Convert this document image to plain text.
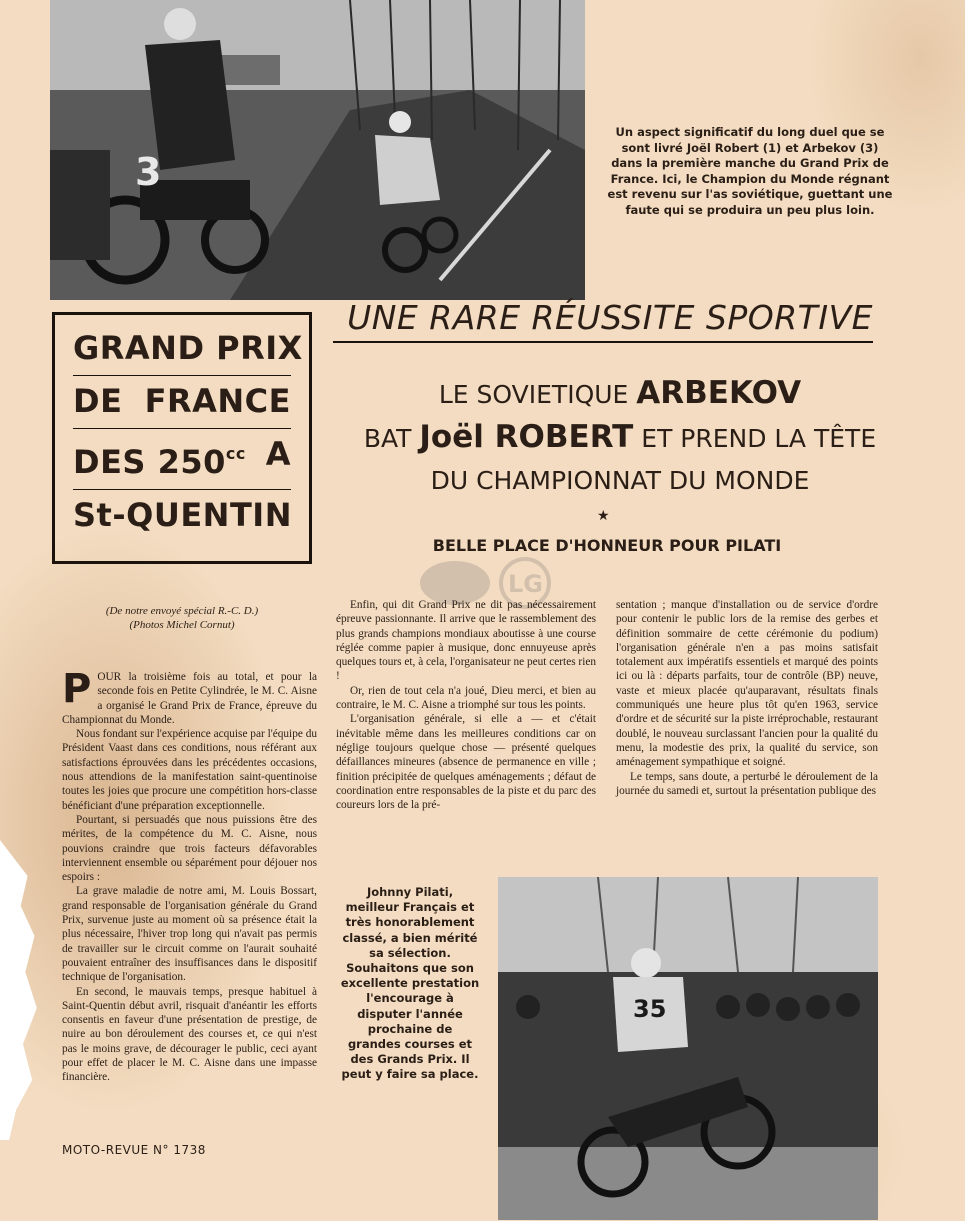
3
Un aspect significatif du long duel que se sont livré Joël Robert (1) et Arbekov (3) dans la première manche du Grand Prix de France. Ici, le Champion du Monde régnant est revenu sur l'as soviétique, guettant une faute qui se produira un peu plus loin.
GRAND PRIX
DE FRANCE
DES $250^{cc}$ A
St-QUENTIN
UNE RARE RÉUSSITE SPORTIVE
LE SOVIETIQUE ARBEKOV
BAT Joël ROBERT ET PREND LA TÊTE
DU CHAMPIONNAT DU MONDE
★
BELLE PLACE D'HONNEUR POUR PILATI
LG
(De notre envoyé spécial R.-C. D.)
(Photos Michel Cornut)

POUR la troisième fois au total, et pour la seconde fois en Petite Cylindrée, le M. C. Aisne a organisé le Grand Prix de France, épreuve du Championnat du Monde.

Nous fondant sur l'expérience acquise par l'équipe du Président Vaast dans ces conditions, nous référant aux satisfactions éprouvées dans les précédentes occasions, nous attendions de la manifestation saint-quentinoise toutes les joies que procure une compétition hors-classe bénéficiant d'une préparation exceptionnelle.

Pourtant, si persuadés que nous puissions être des mérites, de la compétence du M. C. Aisne, nous pouvions craindre que trois facteurs défavorables interviennent ensemble ou séparément pour déjouer nos espoirs :

La grave maladie de notre ami, M. Louis Bossart, grand responsable de l'organisation générale du Grand Prix, survenue juste au moment où sa présence était la plus nécessaire, l'hiver trop long qui n'avait pas permis de travailler sur le circuit comme on l'aurait souhaité pouvaient entraîner des insuffisances dans le dispositif technique de l'organisation.

En second, le mauvais temps, presque habituel à Saint-Quentin début avril, risquait d'anéantir les efforts consentis en faveur d'une présentation de prestige, de nuire au bon déroulement des courses et, ce qui n'est pas le moins grave, de décourager le public, ceci ayant pour effet de placer le M. C. Aisne dans une impasse financière.

Enfin, qui dit Grand Prix ne dit pas nécessairement épreuve passionnante. Il arrive que le rassemblement des plus grands champions mondiaux aboutisse à une course réglée comme papier à musique, donc ennuyeuse après quelques tours et, à cela, l'organisateur ne peut certes rien !

Or, rien de tout cela n'a joué, Dieu merci, et bien au contraire, le M. C. Aisne a triomphé sur tous les points.

L'organisation générale, si elle a — et c'était inévitable même dans les meilleures conditions car on néglige toujours quelque chose — présenté quelques défaillances mineures (absence de permanence en ville ; finition précipitée de quelques aménagements ; défaut de coordination entre responsables de la piste et du parc des coureurs lors de la pré-

sentation ; manque d'installation ou de service d'ordre pour contenir le public lors de la remise des gerbes et définition sommaire de cette cérémonie du podium) l'organisation générale n'en a pas moins satisfait totalement aux impératifs essentiels et marqué des points ici ou là : départs parfaits, tour de contrôle (BP) neuve, vaste et mieux placée qu'auparavant, résultats finals communiqués une heure plus tôt qu'en 1963, service d'ordre et de sécurité sur la piste irréprochable, restaurant doublé, le nouveau surclassant l'ancien pour la qualité du menu, la modestie des prix, la qualité du service, son aménagement sympathique et soigné.

Le temps, sans doute, a perturbé le déroulement de la journée du samedi et, surtout la présentation publique des

Johnny Pilati, meilleur Français et très honorablement classé, a bien mérité sa sélection. Souhaitons que son excellente prestation l'encourage à disputer l'année prochaine de grandes courses et des Grands Prix. Il peut y faire sa place.
35
MOTO-REVUE N° 1738
